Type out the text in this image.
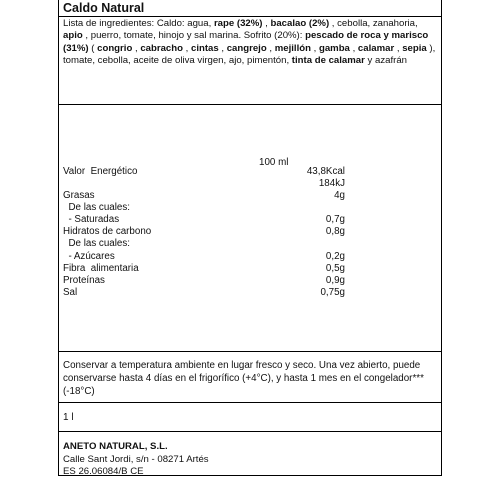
Caldo Natural
Lista de ingredientes: Caldo: agua, rape (32%) , bacalao (2%) , cebolla, zanahoria, apio , puerro, tomate, hinojo y sal marina. Sofrito (20%): pescado de roca y marisco (31%) ( congrio , cabracho , cintas , cangrejo , mejillón , gamba , calamar , sepia ), tomate, cebolla, aceite de oliva virgen, ajo, pimentón, tinta de calamar y azafrán
100 ml
Valor  Energético	43,8Kcal
184kJ
Grasas	4g
De las cuales:
- Saturadas	0,7g
Hidratos de carbono	0,8g
De las cuales:
- Azúcares	0,2g
Fibra  alimentaria	0,5g
Proteínas	0,9g
Sal	0,75g
Conservar a temperatura ambiente en lugar fresco y seco. Una vez abierto, puede conservarse hasta 4 días en el frigorífico (+4°C), y hasta 1 mes en el congelador*** (-18°C)
1 l
ANETO NATURAL, S.L.
Calle Sant Jordi, s/n - 08271 Artés
ES 26.06084/B CE
